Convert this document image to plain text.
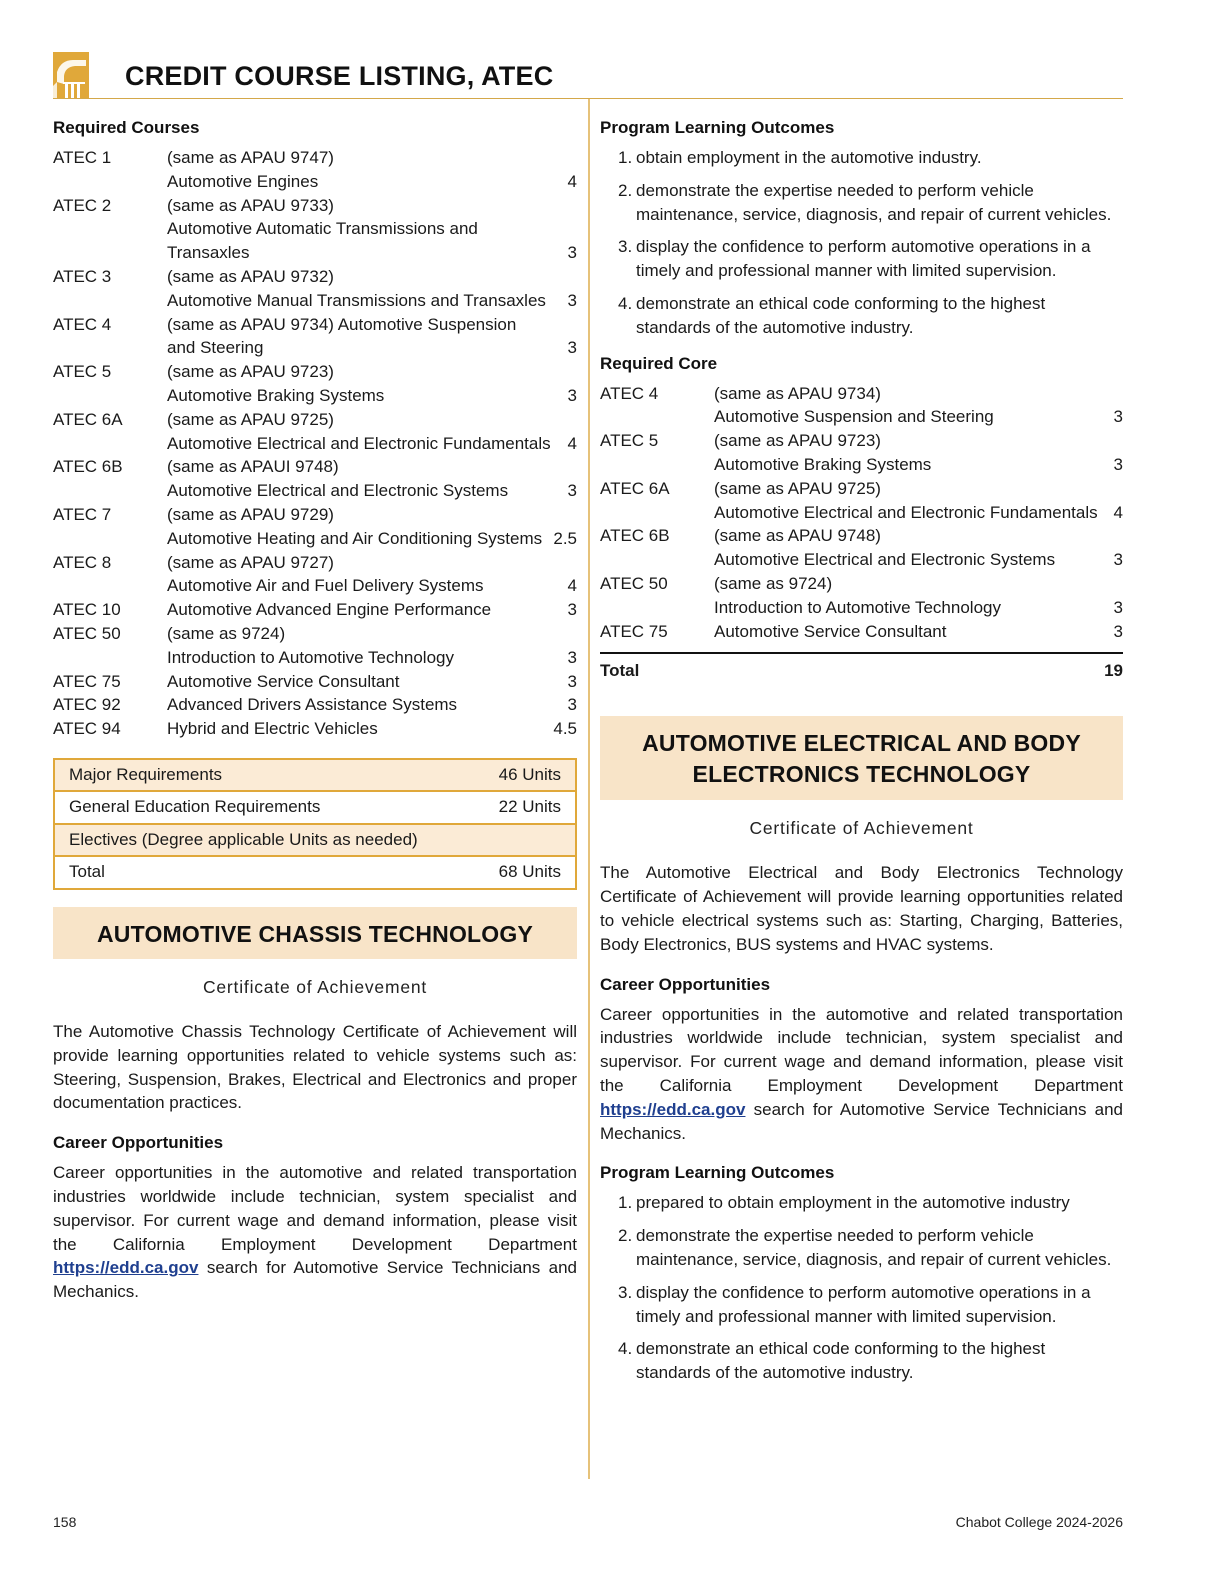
CREDIT COURSE LISTING, ATEC
Required Courses
ATEC 1	(same as APAU 9747)
Automotive Engines	4
ATEC 2	(same as APAU 9733)
Automotive Automatic Transmissions and
Transaxles	3
ATEC 3	(same as APAU 9732)
Automotive Manual Transmissions and Transaxles	3
ATEC 4	(same as APAU 9734) Automotive Suspension
and Steering	3
ATEC 5	(same as APAU 9723)
Automotive Braking Systems	3
ATEC 6A	(same as APAU 9725)
Automotive Electrical and Electronic Fundamentals 4
ATEC 6B	(same as APAUI 9748)
Automotive Electrical and Electronic Systems	3
ATEC 7	(same as APAU 9729)
Automotive Heating and Air Conditioning Systems 2.5
ATEC 8	(same as APAU 9727)
Automotive Air and Fuel Delivery Systems	4
ATEC 10	Automotive Advanced Engine Performance	3
ATEC 50	(same as 9724)
Introduction to Automotive Technology	3
ATEC 75	Automotive Service Consultant	3
ATEC 92	Advanced Drivers Assistance Systems	3
ATEC 94	Hybrid and Electric Vehicles	4.5
Major Requirements	46 Units
General Education Requirements	22 Units
Electives (Degree applicable Units as needed)
Total	68 Units
AUTOMOTIVE CHASSIS TECHNOLOGY
Certificate of Achievement

The Automotive Chassis Technology Certificate of Achievement will provide learning opportunities related to vehicle systems such as: Steering, Suspension, Brakes, Electrical and Electronics and proper documentation practices.

Career Opportunities

Career opportunities in the automotive and related transportation industries worldwide include technician, system specialist and supervisor. For current wage and demand information, please visit the California Employment Development Department https://edd.ca.gov search for Automotive Service Technicians and Mechanics.

Program Learning Outcomes
1. obtain employment in the automotive industry.
2. demonstrate the expertise needed to perform vehicle maintenance, service, diagnosis, and repair of current vehicles.
3. display the confidence to perform automotive operations in a timely and professional manner with limited supervision.
4. demonstrate an ethical code conforming to the highest standards of the automotive industry.
Required Core
ATEC 4	(same as APAU 9734)
Automotive Suspension and Steering	3
ATEC 5	(same as APAU 9723)
Automotive Braking Systems	3
ATEC 6A	(same as APAU 9725)
Automotive Electrical and Electronic Fundamentals 4
ATEC 6B	(same as APAU 9748)
Automotive Electrical and Electronic Systems	3
ATEC 50	(same as 9724)
Introduction to Automotive Technology	3
ATEC 75	Automotive Service Consultant	3
Total	19
AUTOMOTIVE ELECTRICAL AND BODY
ELECTRONICS TECHNOLOGY
Certificate of Achievement

The Automotive Electrical and Body Electronics Technology Certificate of Achievement will provide learning opportunities related to vehicle electrical systems such as: Starting, Charging, Batteries, Body Electronics, BUS systems and HVAC systems.

Career Opportunities

Career opportunities in the automotive and related transportation industries worldwide include technician, system specialist and supervisor. For current wage and demand information, please visit the California Employment Development Department https://edd.ca.gov search for Automotive Service Technicians and Mechanics.

Program Learning Outcomes
1. prepared to obtain employment in the automotive industry
2. demonstrate the expertise needed to perform vehicle maintenance, service, diagnosis, and repair of current vehicles.
3. display the confidence to perform automotive operations in a timely and professional manner with limited supervision.
4. demonstrate an ethical code conforming to the highest standards of the automotive industry.
158	Chabot College 2024-2026
